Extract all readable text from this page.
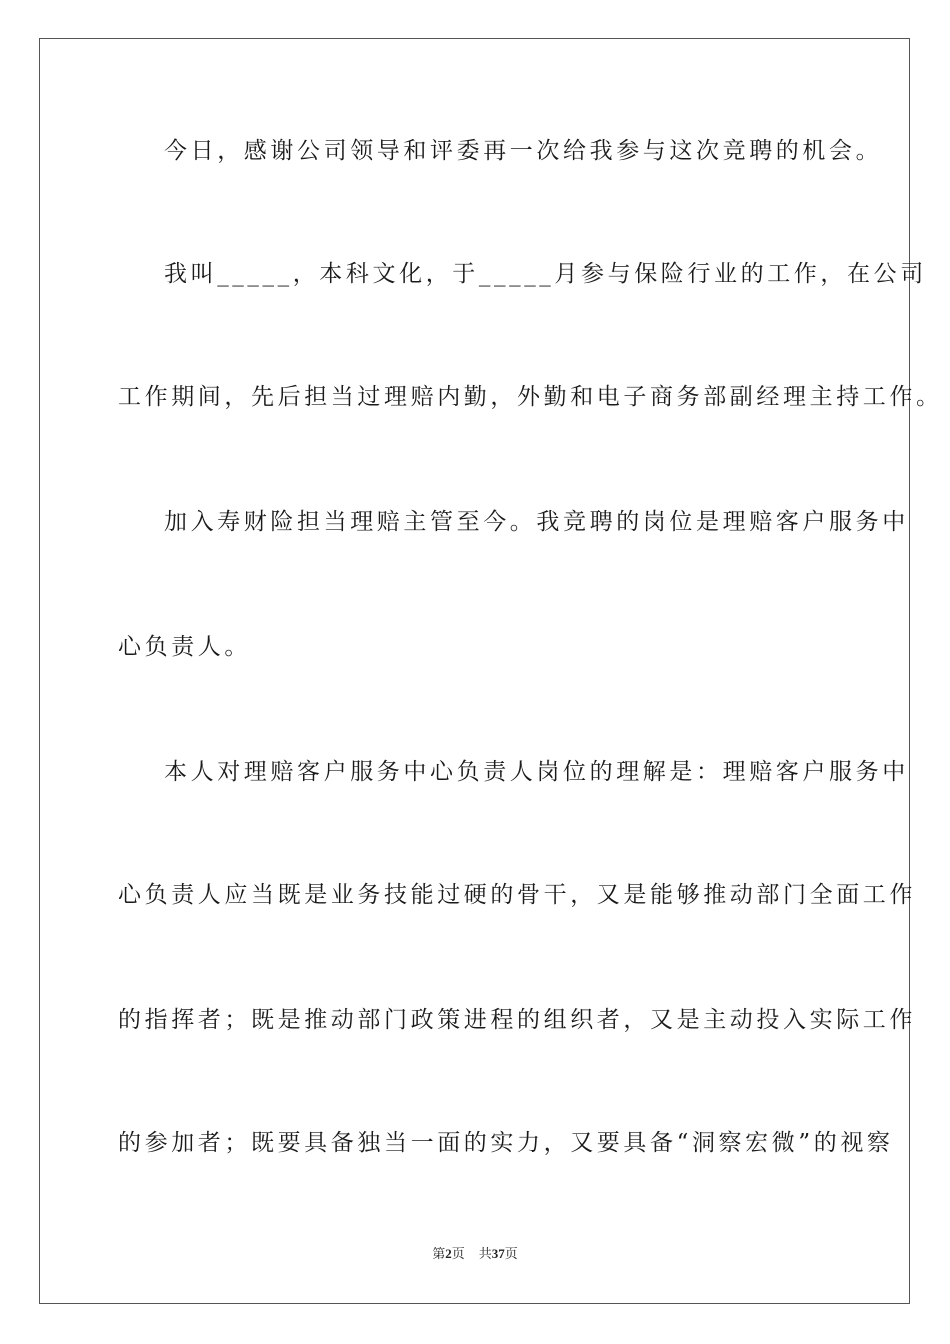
今日，感谢公司领导和评委再一次给我参与这次竞聘的机会。
我叫_____，本科文化，于_____月参与保险行业的工作，在公司
工作期间，先后担当过理赔内勤，外勤和电子商务部副经理主持工作。
加入寿财险担当理赔主管至今。我竞聘的岗位是理赔客户服务中
心负责人。
本人对理赔客户服务中心负责人岗位的理解是：理赔客户服务中
心负责人应当既是业务技能过硬的骨干，又是能够推动部门全面工作
的指挥者；既是推动部门政策进程的组织者，又是主动投入实际工作
的参加者；既要具备独当一面的实力，又要具备“洞察宏微”的视察
第2页 共37页
